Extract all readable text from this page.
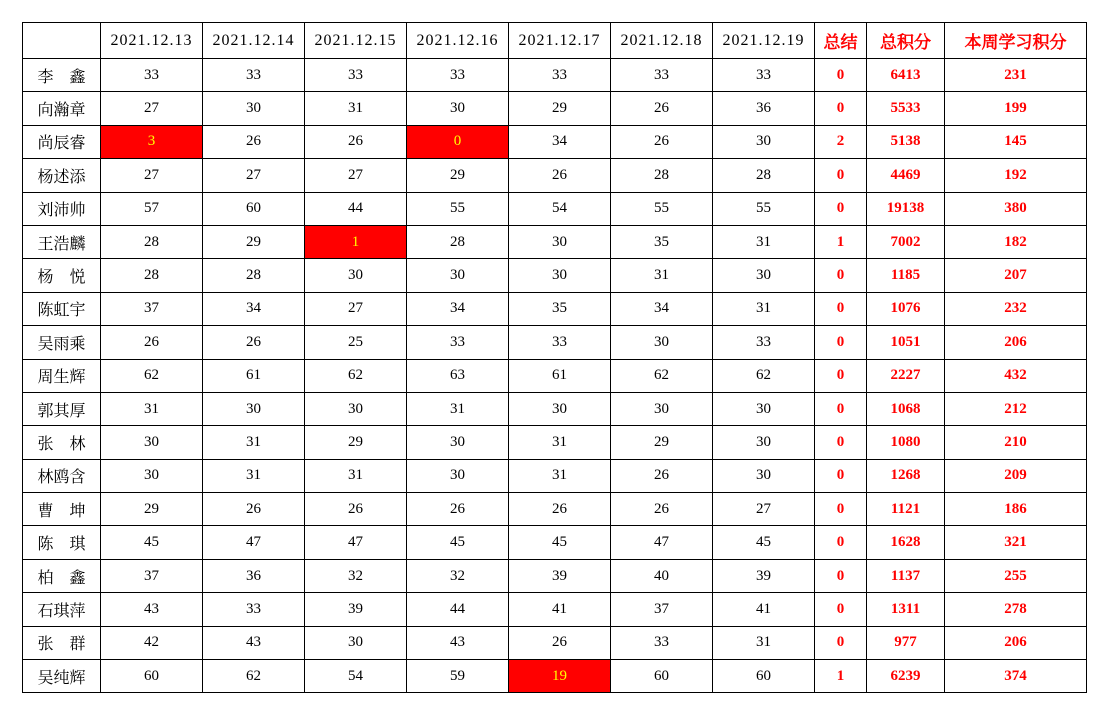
	2021.12.13	2021.12.14	2021.12.15	2021.12.16	2021.12.17	2021.12.18	2021.12.19	总结	总积分	本周学习积分
李　鑫	33	33	33	33	33	33	33	0	6413	231
向瀚章	27	30	31	30	29	26	36	0	5533	199
尚辰睿	3	26	26	0	34	26	30	2	5138	145
杨述添	27	27	27	29	26	28	28	0	4469	192
刘沛帅	57	60	44	55	54	55	55	0	19138	380
王浩麟	28	29	1	28	30	35	31	1	7002	182
杨　悦	28	28	30	30	30	31	30	0	1185	207
陈虹宇	37	34	27	34	35	34	31	0	1076	232
吴雨乘	26	26	25	33	33	30	33	0	1051	206
周生辉	62	61	62	63	61	62	62	0	2227	432
郭其厚	31	30	30	31	30	30	30	0	1068	212
张　林	30	31	29	30	31	29	30	0	1080	210
林鸥含	30	31	31	30	31	26	30	0	1268	209
曹　坤	29	26	26	26	26	26	27	0	1121	186
陈　琪	45	47	47	45	45	47	45	0	1628	321
柏　鑫	37	36	32	32	39	40	39	0	1137	255
石琪萍	43	33	39	44	41	37	41	0	1311	278
张　群	42	43	30	43	26	33	31	0	977	206
吴纯辉	60	62	54	59	19	60	60	1	6239	374
